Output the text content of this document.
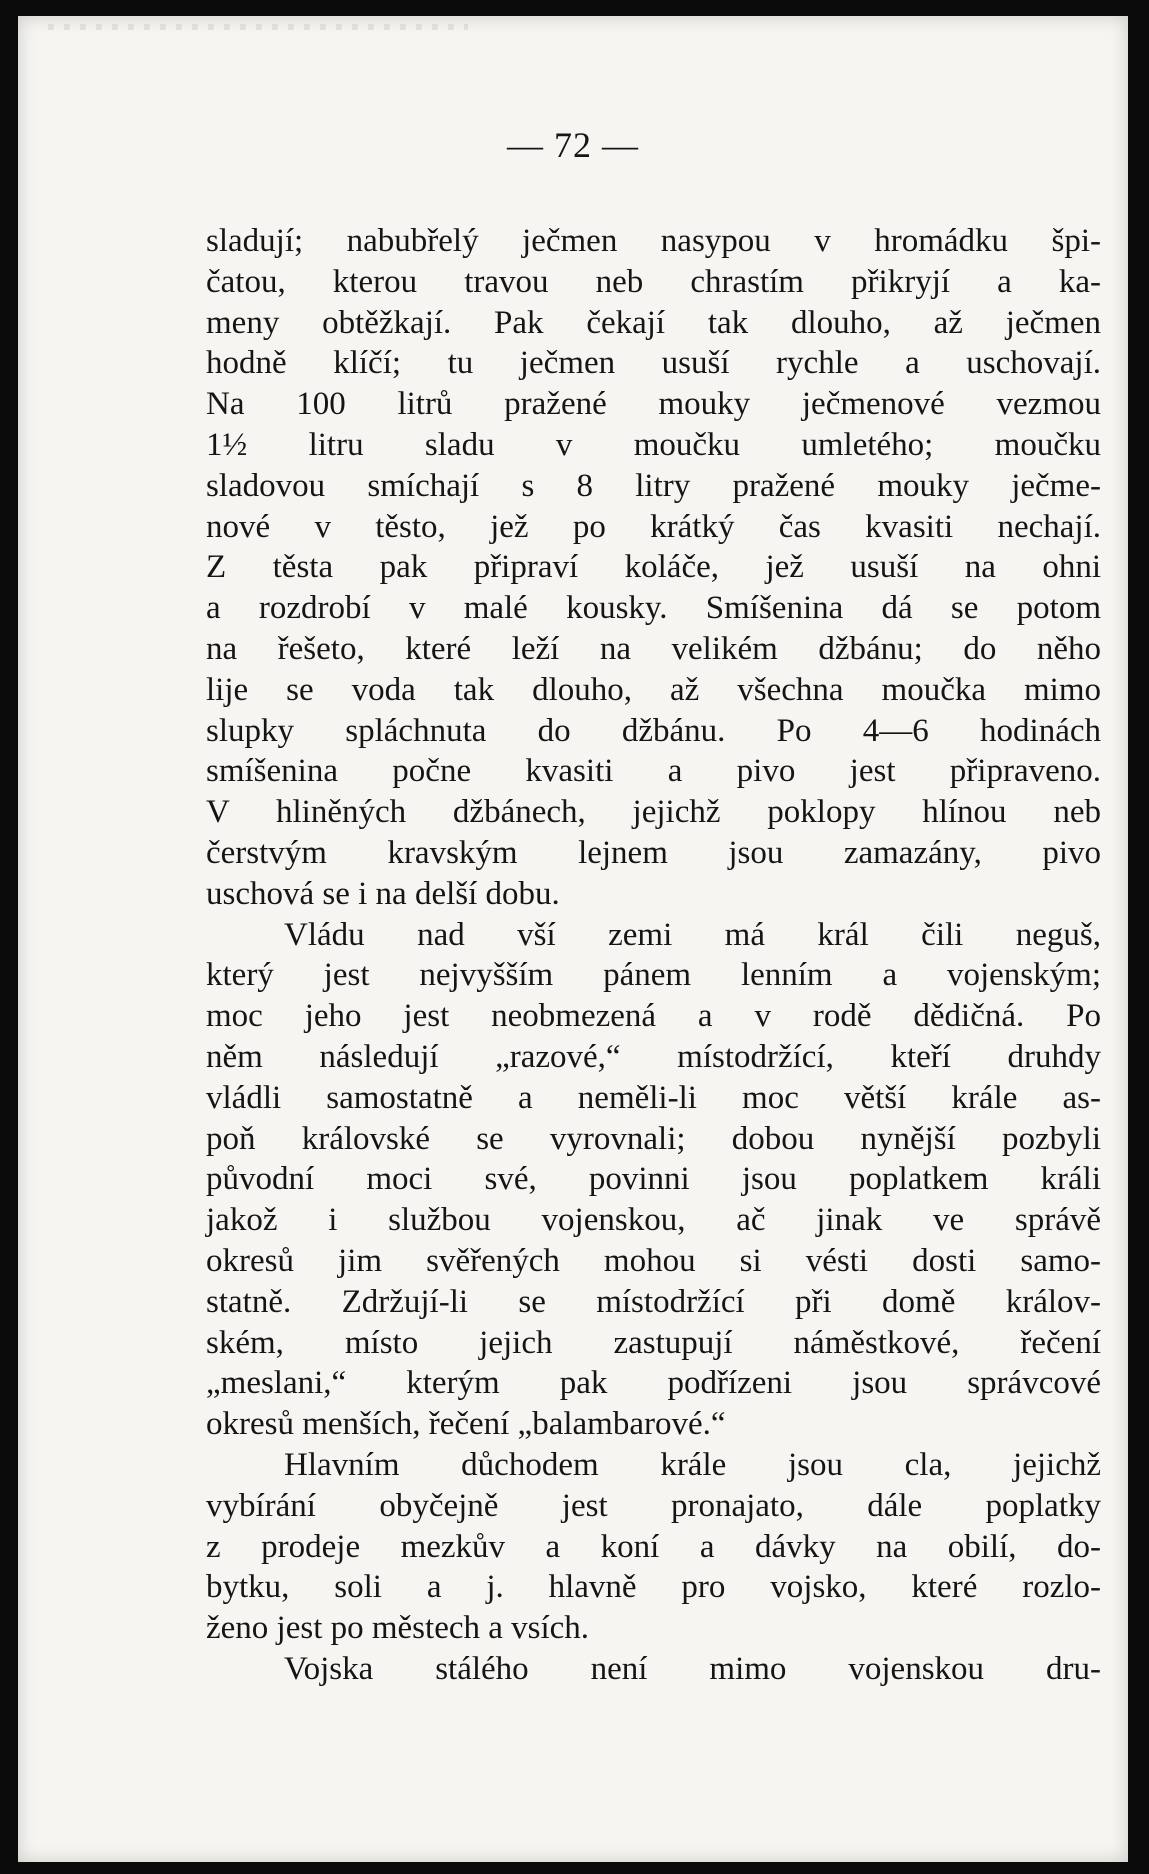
— 72 —
sladují; nabubřelý ječmen nasypou v hromádku špi-
čatou, kterou travou neb chrastím přikryjí a ka-
meny obtěžkají. Pak čekají tak dlouho, až ječmen
hodně klíčí; tu ječmen usuší rychle a uschovají.
Na 100 litrů pražené mouky ječmenové vezmou
1½ litru sladu v moučku umletého; moučku
sladovou smíchají s 8 litry pražené mouky ječme-
nové v těsto, jež po krátký čas kvasiti nechají.
Z těsta pak připraví koláče, jež usuší na ohni
a rozdrobí v malé kousky. Smíšenina dá se potom
na řešeto, které leží na velikém džbánu; do něho
lije se voda tak dlouho, až všechna moučka mimo
slupky spláchnuta do džbánu. Po 4—6 hodinách
smíšenina počne kvasiti a pivo jest připraveno.
V hliněných džbánech, jejichž poklopy hlínou neb
čerstvým kravským lejnem jsou zamazány, pivo
uschová se i na delší dobu.
Vládu nad vší zemi má král čili neguš,
který jest nejvyšším pánem lenním a vojenským;
moc jeho jest neobmezená a v rodě dědičná. Po
něm následují „razové,“ místodržící, kteří druhdy
vládli samostatně a neměli-li moc větší krále as-
poň královské se vyrovnali; dobou nynější pozbyli
původní moci své, povinni jsou poplatkem králi
jakož i službou vojenskou, ač jinak ve správě
okresů jim svěřených mohou si vésti dosti samo-
statně. Zdržují-li se místodržící při domě králov-
ském, místo jejich zastupují náměstkové, řečení
„meslani,“ kterým pak podřízeni jsou správcové
okresů menších, řečení „balambarové.“
Hlavním důchodem krále jsou cla, jejichž
vybírání obyčejně jest pronajato, dále poplatky
z prodeje mezkův a koní a dávky na obilí, do-
bytku, soli a j. hlavně pro vojsko, které rozlo-
ženo jest po městech a vsích.
Vojska stálého není mimo vojenskou dru-
